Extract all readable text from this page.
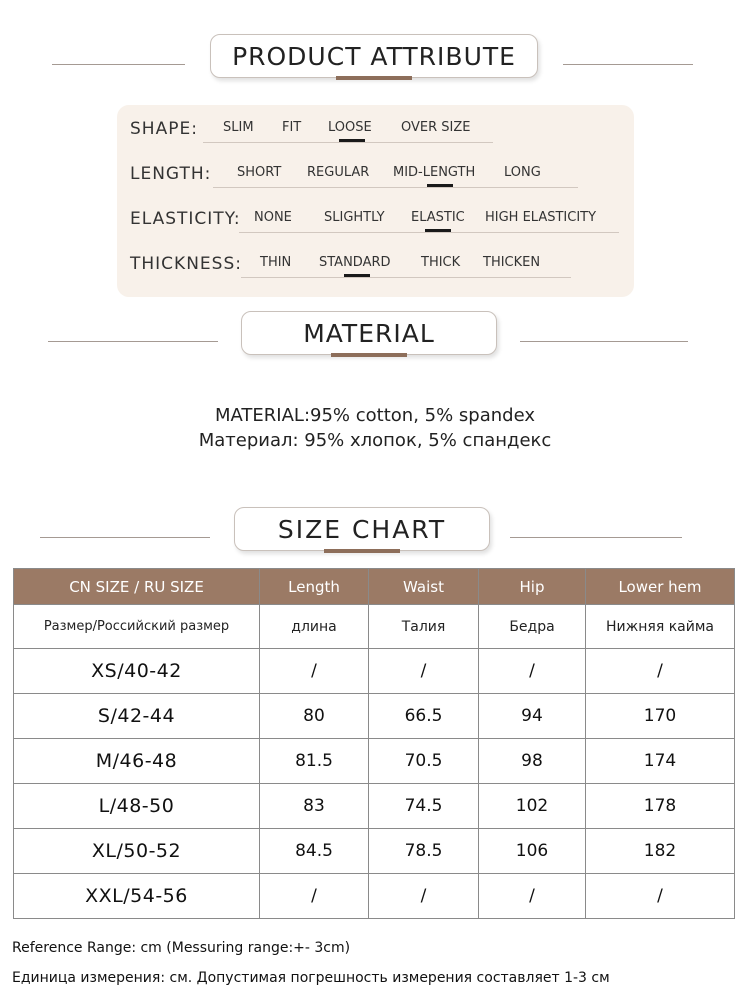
PRODUCT ATTRIBUTE
SHAPE: SLIM FIT LOOSE OVER SIZE
LENGTH: SHORT REGULAR MID-LENGTH LONG
ELASTICITY: NONE SLIGHTLY ELASTIC HIGH ELASTICITY
THICKNESS: THIN STANDARD THICK THICKEN
MATERIAL
MATERIAL:95% cotton, 5% spandex
Материал: 95% хлопок, 5% спандекс
SIZE CHART
CN SIZE / RU SIZE	Length	Waist	Hip	Lower hem
Размер/Российский размер	длина	Талия	Бедра	Нижняя кайма
XS/40-42	/	/	/	/
S/42-44	80	66.5	94	170
M/46-48	81.5	70.5	98	174
L/48-50	83	74.5	102	178
XL/50-52	84.5	78.5	106	182
XXL/54-56	/	/	/	/
Reference Range: cm (Messuring range:+- 3cm)
Единица измерения: см. Допустимая погрешность измерения составляет 1-3 см
